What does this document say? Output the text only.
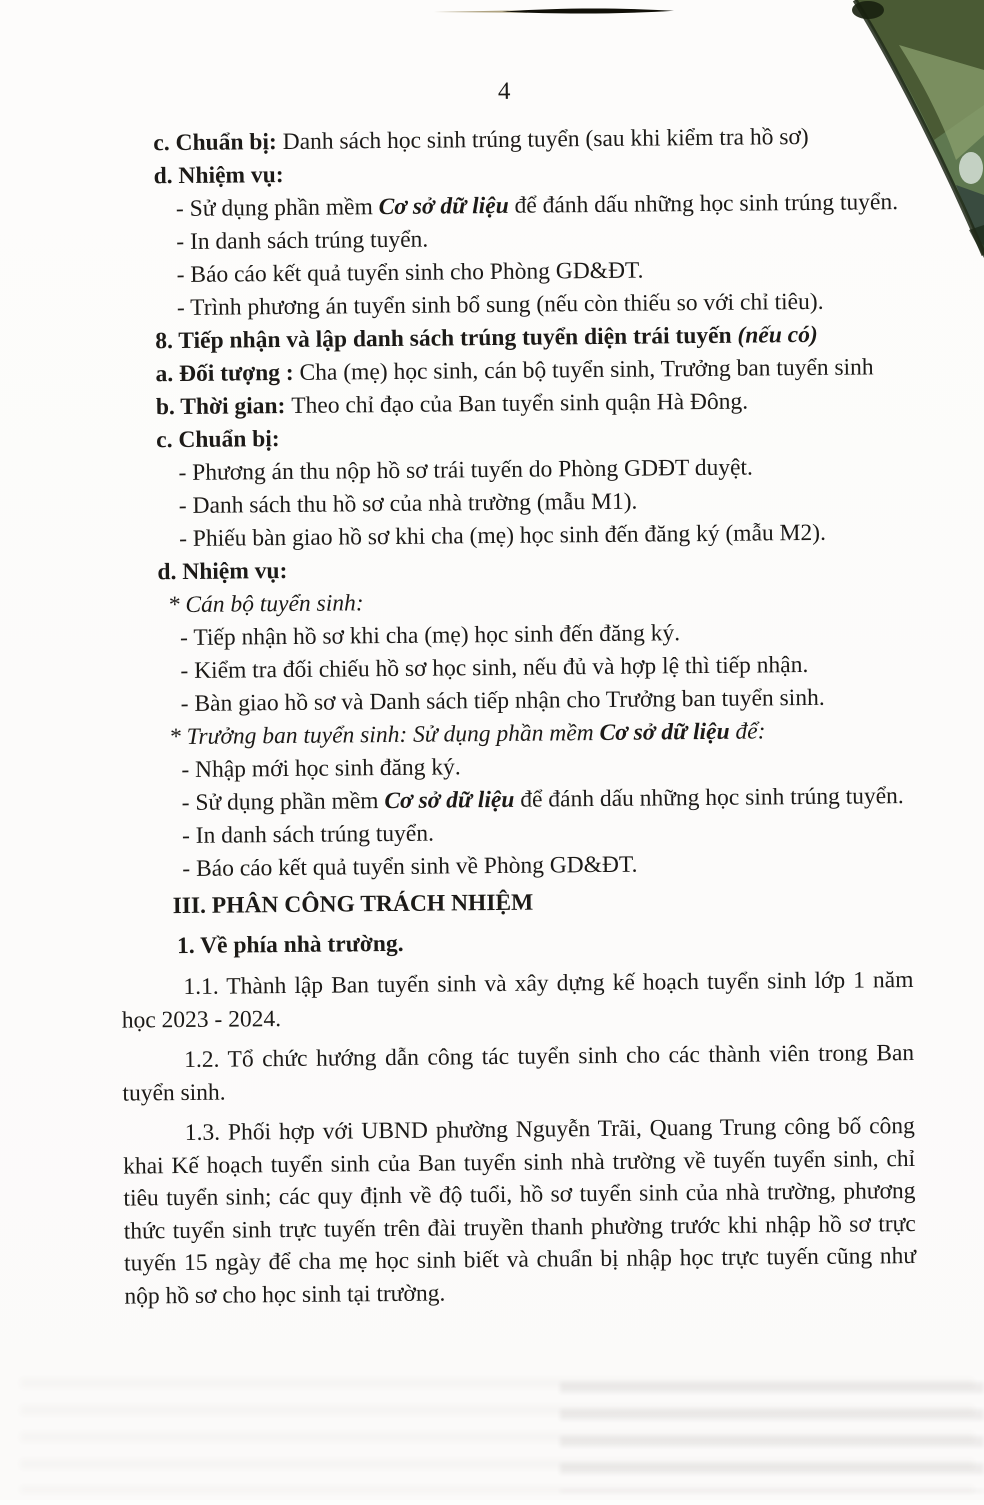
4
c. Chuẩn bị: Danh sách học sinh trúng tuyển (sau khi kiểm tra hồ sơ)
d. Nhiệm vụ:
- Sử dụng phần mềm Cơ sở dữ liệu để đánh dấu những học sinh trúng tuyển.
- In danh sách trúng tuyển.
- Báo cáo kết quả tuyển sinh cho Phòng GD&ĐT.
- Trình phương án tuyển sinh bổ sung (nếu còn thiếu so với chỉ tiêu).
8. Tiếp nhận và lập danh sách trúng tuyển diện trái tuyến (nếu có)
a. Đối tượng : Cha (mẹ) học sinh, cán bộ tuyển sinh, Trưởng ban tuyển sinh
b. Thời gian: Theo chỉ đạo của Ban tuyển sinh quận Hà Đông.
c. Chuẩn bị:
- Phương án thu nộp hồ sơ trái tuyến do Phòng GDĐT duyệt.
- Danh sách thu hồ sơ của nhà trường (mẫu M1).
- Phiếu bàn giao hồ sơ khi cha (mẹ) học sinh đến đăng ký (mẫu M2).
d. Nhiệm vụ:
* Cán bộ tuyển sinh:
- Tiếp nhận hồ sơ khi cha (mẹ) học sinh đến đăng ký.
- Kiểm tra đối chiếu hồ sơ học sinh, nếu đủ và hợp lệ thì tiếp nhận.
- Bàn giao hồ sơ và Danh sách tiếp nhận cho Trưởng ban tuyển sinh.
* Trưởng ban tuyển sinh: Sử dụng phần mềm Cơ sở dữ liệu để:
- Nhập mới học sinh đăng ký.
- Sử dụng phần mềm Cơ sở dữ liệu để đánh dấu những học sinh trúng tuyển.
- In danh sách trúng tuyển.
- Báo cáo kết quả tuyển sinh về Phòng GD&ĐT.
III. PHÂN CÔNG TRÁCH NHIỆM
1. Về phía nhà trường.
1.1. Thành lập Ban tuyển sinh và xây dựng kế hoạch tuyển sinh lớp 1 năm học 2023 - 2024.
1.2. Tổ chức hướng dẫn công tác tuyển sinh cho các thành viên trong Ban tuyển sinh.
1.3. Phối hợp với UBND phường Nguyễn Trãi, Quang Trung công bố công khai Kế hoạch tuyển sinh của Ban tuyển sinh nhà trường về tuyến tuyển sinh, chỉ tiêu tuyển sinh; các quy định về độ tuổi, hồ sơ tuyển sinh của nhà trường, phương thức tuyển sinh trực tuyến trên đài truyền thanh phường trước khi nhập hồ sơ trực tuyến 15 ngày để cha mẹ học sinh biết và chuẩn bị nhập học trực tuyến cũng như nộp hồ sơ cho học sinh tại trường.
